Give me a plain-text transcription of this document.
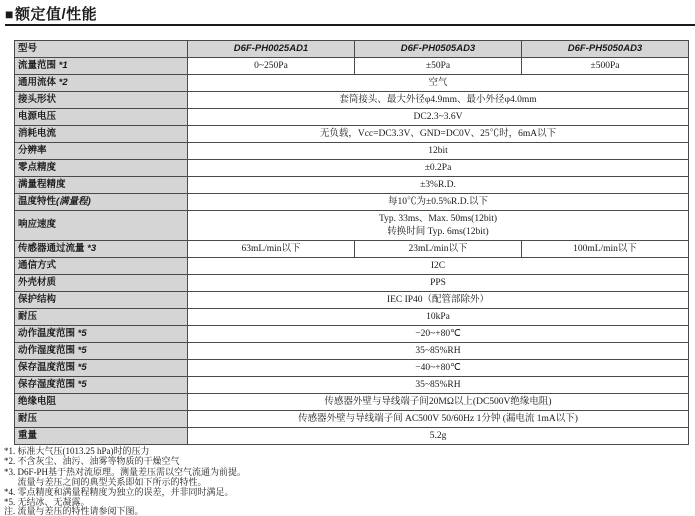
■ 额定值/性能
型号	D6F-PH0025AD1	D6F-PH0505AD3	D6F-PH5050AD3
流量范围 *1	0~250Pa	±50Pa	±500Pa
通用流体 *2	空气		
接头形状	套筒接头、最大外径φ4.9mm、最小外径φ4.0mm		
电源电压	DC2.3~3.6V		
消耗电流	无负载，Vcc=DC3.3V、GND=DC0V、25℃时，6mA以下		
分辨率	12bit		
零点精度	±0.2Pa		
满量程精度	±3%R.D.		
温度特性(满量程)	每10℃为±0.5%R.D.以下		
响应速度	Typ. 33ms、Max. 50ms(12bit)
转换时间 Typ. 6ms(12bit)		

传感器通过流量 *3	63mL/min以下	23mL/min以下	100mL/min以下
通信方式	I2C		
外壳材质	PPS		
保护结构	IEC IP40（配管部除外）		
耐压	10kPa		
动作温度范围 *5	−20~+80℃		
动作湿度范围 *5	35~85%RH		
保存温度范围 *5	−40~+80℃		
保存湿度范围 *5	35~85%RH		
绝缘电阻	传感器外壁与导线端子间20MΩ以上(DC500V绝缘电阻)		
耐压	传感器外壁与导线端子间 AC500V 50/60Hz 1分钟 (漏电流 1mA以下)		
重量	5.2g		
*1. 标准大气压(1013.25 hPa)时的压力
*2. 不含灰尘、油污、油雾等物质的干燥空气
*3. D6F-PH基于热对流原理。测量差压需以空气流通为前提。
流量与差压之间的典型关系即如下所示的特性。
*4. 零点精度和满量程精度为独立的误差，并非同时满足。
*5. 无结冰、无凝露。
注. 流量与差压的特性请参阅下图。
